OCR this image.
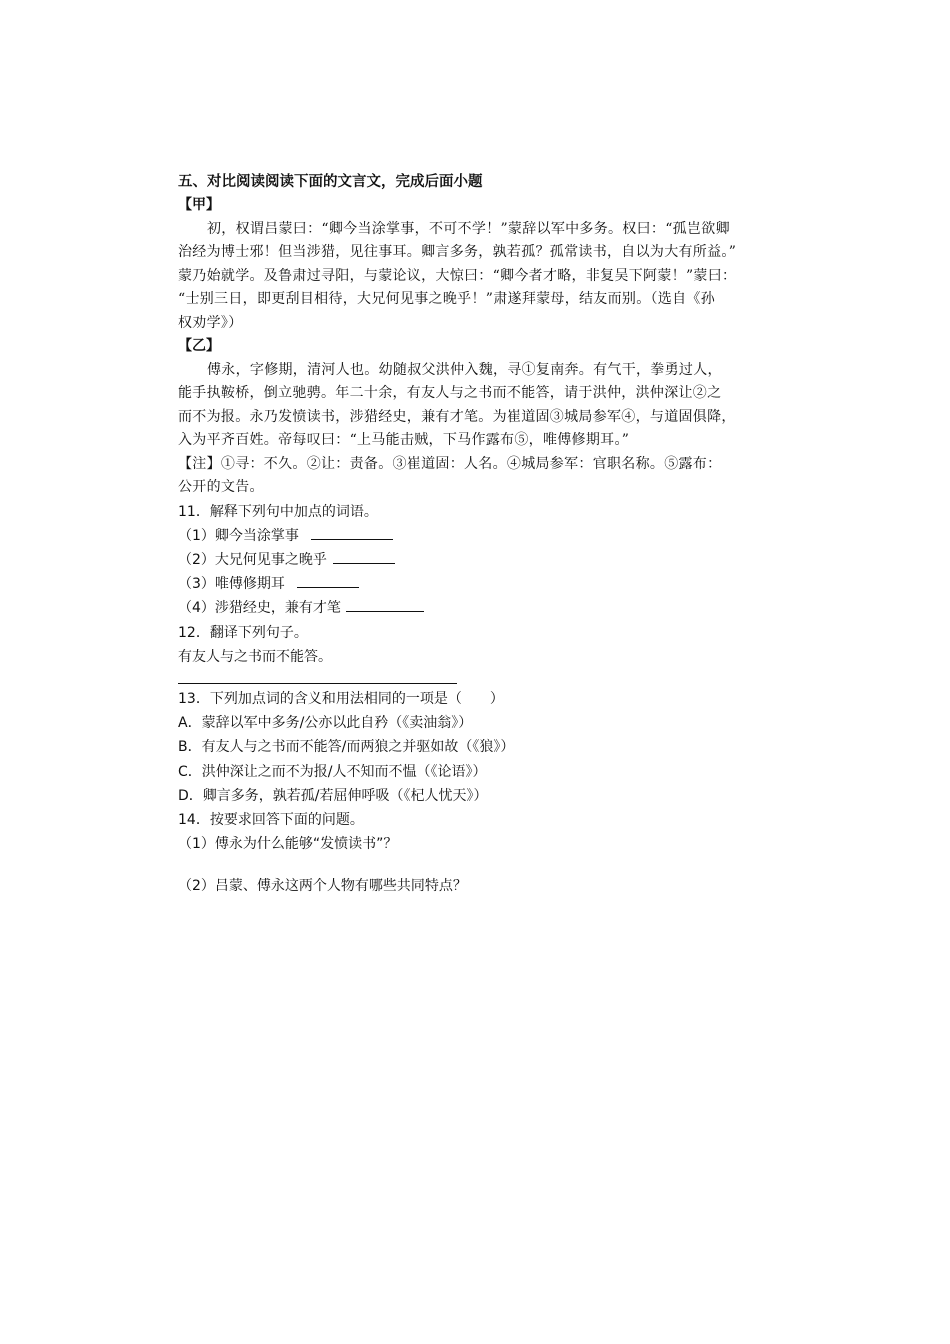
五、对比阅读阅读下面的文言文，完成后面小题
【甲】
初，权谓吕蒙曰：“卿今当涂掌事，不可不学！”蒙辞以军中多务。权曰：“孤岂欲卿
治经为博士邪！但当涉猎，见往事耳。卿言多务，孰若孤？孤常读书，自以为大有所益。”
蒙乃始就学。及鲁肃过寻阳，与蒙论议，大惊曰：“卿今者才略，非复吴下阿蒙！”蒙曰：
“士别三日，即更刮目相待，大兄何见事之晚乎！”肃遂拜蒙母，结友而别。（选自《孙
权劝学》）
【乙】
傅永，字修期，清河人也。幼随叔父洪仲入魏，寻①复南奔。有气干，拳勇过人，
能手执鞍桥，倒立驰骋。年二十余，有友人与之书而不能答，请于洪仲，洪仲深让②之
而不为报。永乃发愤读书，涉猎经史，兼有才笔。为崔道固③城局参军④，与道固俱降，
入为平齐百姓。帝每叹曰：“上马能击贼，下马作露布⑤，唯傅修期耳。”
【注】①寻：不久。②让：责备。③崔道固：人名。④城局参军：官职名称。⑤露布：
公开的文告。
11．解释下列句中加点的词语。
（1）卿今当涂掌事
（2）大兄何见事之晚乎
（3）唯傅修期耳
（4）涉猎经史，兼有才笔
12．翻译下列句子。
有友人与之书而不能答。
13．下列加点词的含义和用法相同的一项是（　　）
A．蒙辞以军中多务/公亦以此自矜（《卖油翁》）
B．有友人与之书而不能答/而两狼之并驱如故（《狼》）
C．洪仲深让之而不为报/人不知而不愠（《论语》）
D．卿言多务，孰若孤/若屈伸呼吸（《杞人忧天》）
14．按要求回答下面的问题。
（1）傅永为什么能够“发愤读书”？
（2）吕蒙、傅永这两个人物有哪些共同特点？
